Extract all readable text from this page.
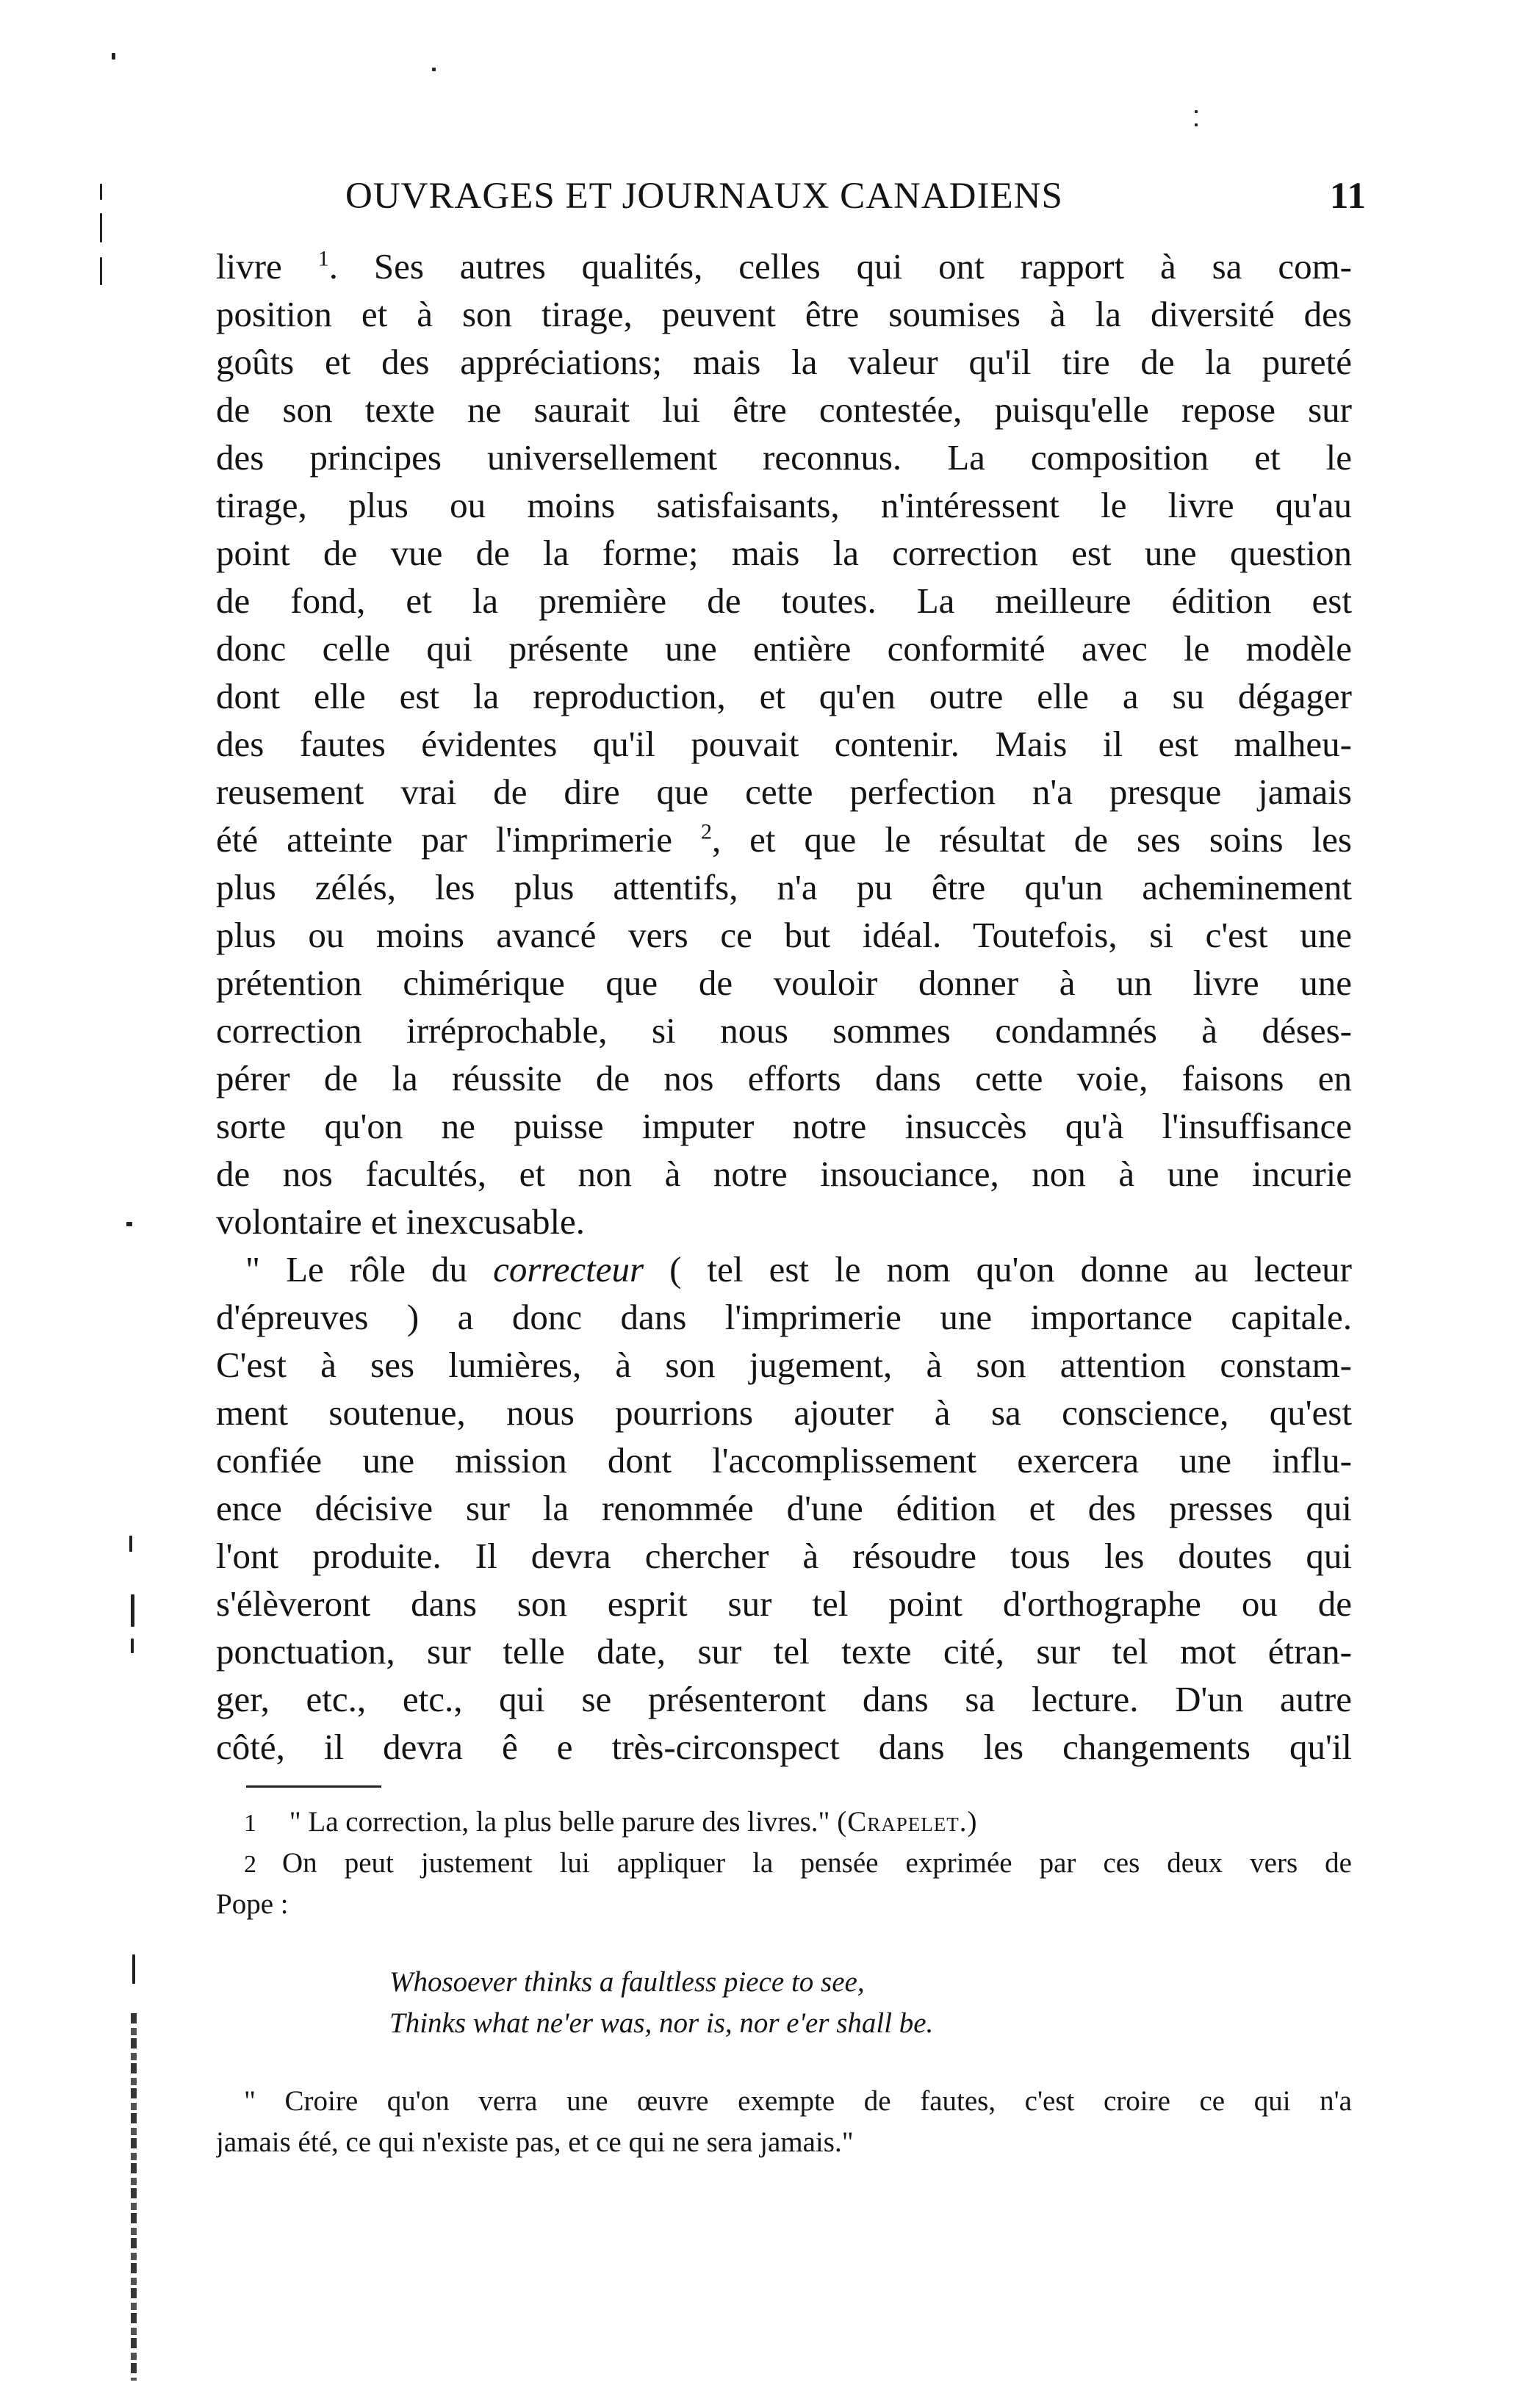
OUVRAGES ET JOURNAUX CANADIENS	11
livre $^1$. Ses autres qualités, celles qui ont rapport à sa com-
position et à son tirage, peuvent être soumises à la diversité des
goûts et des appréciations; mais la valeur qu'il tire de la pureté
de son texte ne saurait lui être contestée, puisqu'elle repose sur
des principes universellement reconnus. La composition et le
tirage, plus ou moins satisfaisants, n'intéressent le livre qu'au
point de vue de la forme; mais la correction est une question
de fond, et la première de toutes. La meilleure édition est
donc celle qui présente une entière conformité avec le modèle
dont elle est la reproduction, et qu'en outre elle a su dégager
des fautes évidentes qu'il pouvait contenir. Mais il est malheu-
reusement vrai de dire que cette perfection n'a presque jamais
été atteinte par l'imprimerie $^2$, et que le résultat de ses soins les
plus zélés, les plus attentifs, n'a pu être qu'un acheminement
plus ou moins avancé vers ce but idéal. Toutefois, si c'est une
prétention chimérique que de vouloir donner à un livre une
correction irréprochable, si nous sommes condamnés à déses-
pérer de la réussite de nos efforts dans cette voie, faisons en
sorte qu'on ne puisse imputer notre insuccès qu'à l'insuffisance
de nos facultés, et non à notre insouciance, non à une incurie
volontaire et inexcusable.
" Le rôle du correcteur ( tel est le nom qu'on donne au lecteur
d'épreuves ) a donc dans l'imprimerie une importance capitale.
C'est à ses lumières, à son jugement, à son attention constam-
ment soutenue, nous pourrions ajouter à sa conscience, qu'est
confiée une mission dont l'accomplissement exercera une influ-
ence décisive sur la renommée d'une édition et des presses qui
l'ont produite. Il devra chercher à résoudre tous les doutes qui
s'élèveront dans son esprit sur tel point d'orthographe ou de
ponctuation, sur telle date, sur tel texte cité, sur tel mot étran-
ger, etc., etc., qui se présenteront dans sa lecture. D'un autre
côté, il devra ê e très-circonspect dans les changements qu'il
1 " La correction, la plus belle parure des livres." (Crapelet.)
2 On peut justement lui appliquer la pensée exprimée par ces deux vers de
Pope :
Whosoever thinks a faultless piece to see,
Thinks what ne'er was, nor is, nor e'er shall be.
" Croire qu'on verra une œuvre exempte de fautes, c'est croire ce qui n'a
jamais été, ce qui n'existe pas, et ce qui ne sera jamais."
